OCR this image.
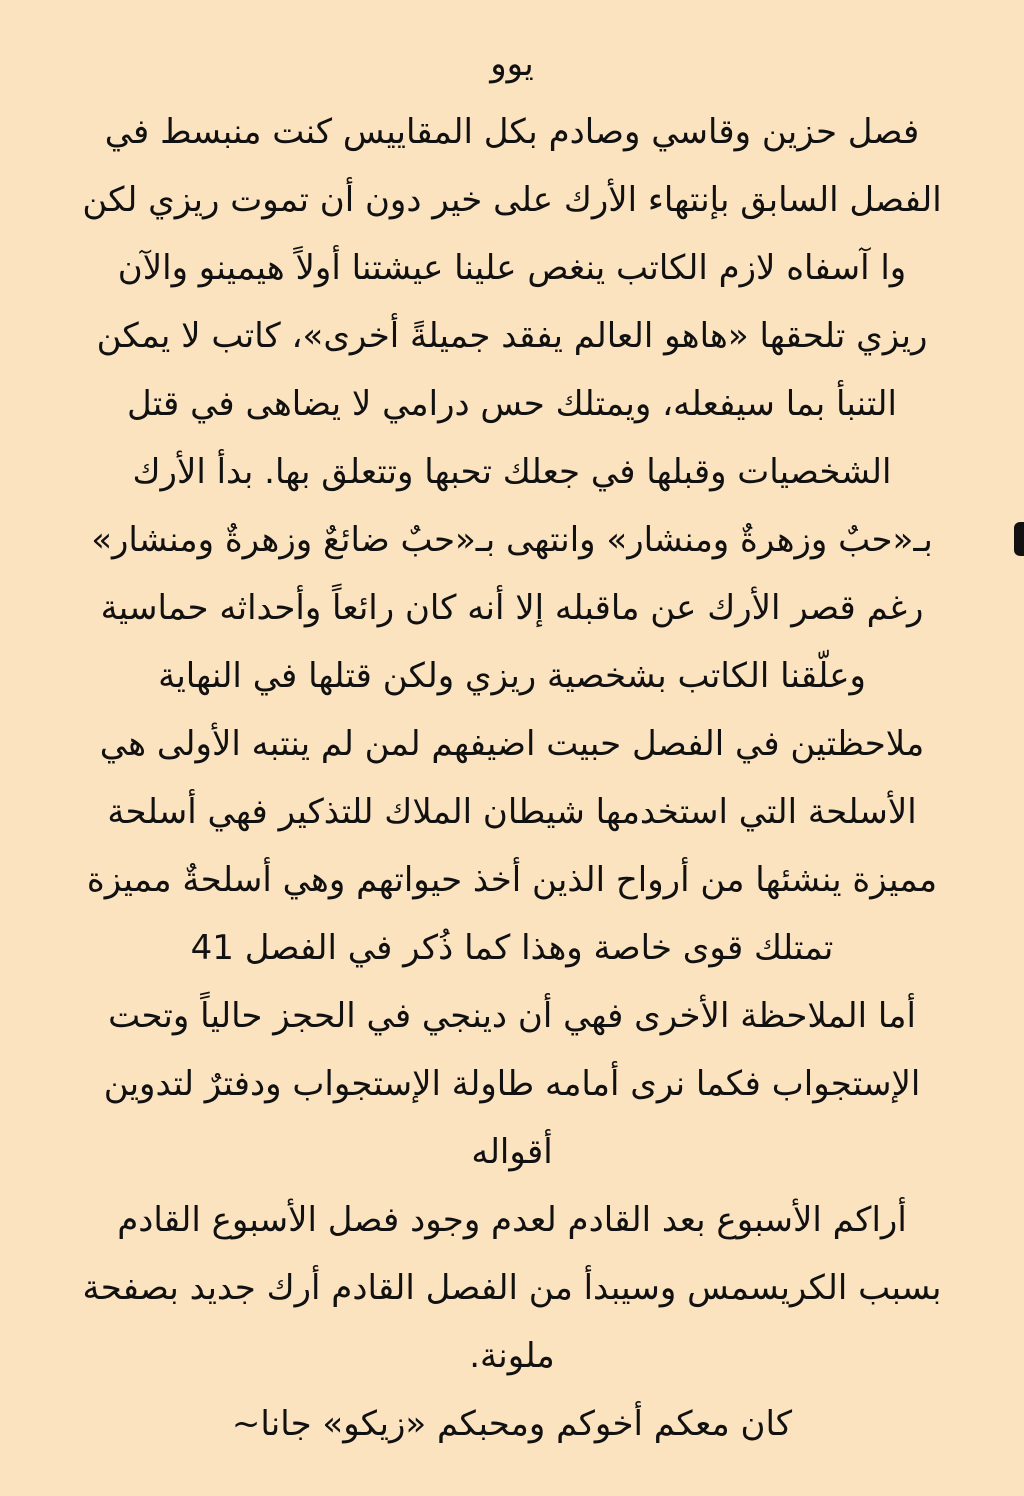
يوو
فصل حزين وقاسي وصادم بكل المقاييس كنت منبسط في
الفصل السابق بإنتهاء الأرك على خير دون أن تموت ريزي لكن
وا آسفاه لازم الكاتب ينغص علينا عيشتنا أولاً هيمينو والآن
ريزي تلحقها «هاهو العالم يفقد جميلةً أخرى»، كاتب لا يمكن
التنبأ بما سيفعله، ويمتلك حس درامي لا يضاهى في قتل
الشخصيات وقبلها في جعلك تحبها وتتعلق بها. بدأ الأرك
بـ«حبٌ وزهرةٌ ومنشار» وانتهى بـ«حبٌ ضائعٌ وزهرةٌ ومنشار»
رغم قصر الأرك عن ماقبله إلا أنه كان رائعاً وأحداثه حماسية
وعلّقنا الكاتب بشخصية ريزي ولكن قتلها في النهاية
ملاحظتين في الفصل حبيت اضيفهم لمن لم ينتبه الأولى هي
الأسلحة التي استخدمها شيطان الملاك للتذكير فهي أسلحة
مميزة ينشئها من أرواح الذين أخذ حيواتهم وهي أسلحةٌ مميزة
تمتلك قوى خاصة وهذا كما ذُكر في الفصل 41
أما الملاحظة الأخرى فهي أن دينجي في الحجز حالياً وتحت
الإستجواب فكما نرى أمامه طاولة الإستجواب ودفترٌ لتدوين
أقواله
أراكم الأسبوع بعد القادم لعدم وجود فصل الأسبوع القادم
بسبب الكريسمس وسيبدأ من الفصل القادم أرك جديد بصفحة
ملونة.
كان معكم أخوكم ومحبكم «زيكو» جانا~
